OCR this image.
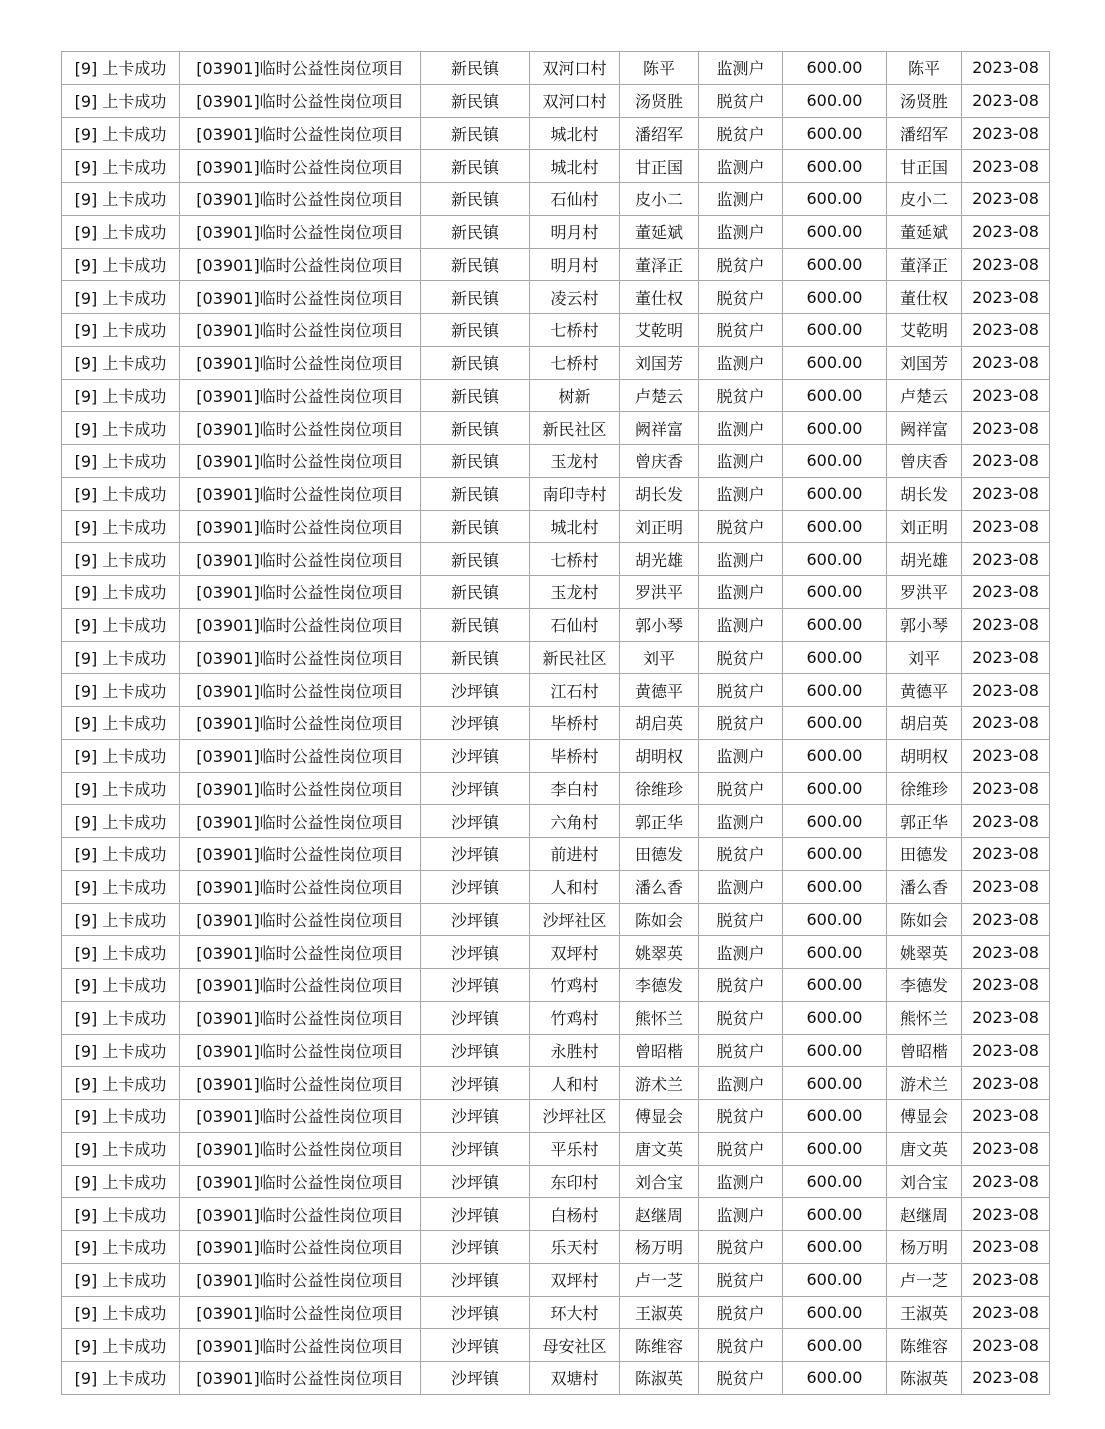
[9] 上卡成功	[03901]临时公益性岗位项目	新民镇	双河口村	陈平	监测户	600.00	陈平	2023-08
[9] 上卡成功	[03901]临时公益性岗位项目	新民镇	双河口村	汤贤胜	脱贫户	600.00	汤贤胜	2023-08
[9] 上卡成功	[03901]临时公益性岗位项目	新民镇	城北村	潘绍军	脱贫户	600.00	潘绍军	2023-08
[9] 上卡成功	[03901]临时公益性岗位项目	新民镇	城北村	甘正国	监测户	600.00	甘正国	2023-08
[9] 上卡成功	[03901]临时公益性岗位项目	新民镇	石仙村	皮小二	监测户	600.00	皮小二	2023-08
[9] 上卡成功	[03901]临时公益性岗位项目	新民镇	明月村	董延斌	监测户	600.00	董延斌	2023-08
[9] 上卡成功	[03901]临时公益性岗位项目	新民镇	明月村	董泽正	脱贫户	600.00	董泽正	2023-08
[9] 上卡成功	[03901]临时公益性岗位项目	新民镇	凌云村	董仕权	脱贫户	600.00	董仕权	2023-08
[9] 上卡成功	[03901]临时公益性岗位项目	新民镇	七桥村	艾乾明	脱贫户	600.00	艾乾明	2023-08
[9] 上卡成功	[03901]临时公益性岗位项目	新民镇	七桥村	刘国芳	监测户	600.00	刘国芳	2023-08
[9] 上卡成功	[03901]临时公益性岗位项目	新民镇	树新	卢楚云	脱贫户	600.00	卢楚云	2023-08
[9] 上卡成功	[03901]临时公益性岗位项目	新民镇	新民社区	阙祥富	监测户	600.00	阙祥富	2023-08
[9] 上卡成功	[03901]临时公益性岗位项目	新民镇	玉龙村	曾庆香	监测户	600.00	曾庆香	2023-08
[9] 上卡成功	[03901]临时公益性岗位项目	新民镇	南印寺村	胡长发	监测户	600.00	胡长发	2023-08
[9] 上卡成功	[03901]临时公益性岗位项目	新民镇	城北村	刘正明	脱贫户	600.00	刘正明	2023-08
[9] 上卡成功	[03901]临时公益性岗位项目	新民镇	七桥村	胡光雄	监测户	600.00	胡光雄	2023-08
[9] 上卡成功	[03901]临时公益性岗位项目	新民镇	玉龙村	罗洪平	监测户	600.00	罗洪平	2023-08
[9] 上卡成功	[03901]临时公益性岗位项目	新民镇	石仙村	郭小琴	监测户	600.00	郭小琴	2023-08
[9] 上卡成功	[03901]临时公益性岗位项目	新民镇	新民社区	刘平	脱贫户	600.00	刘平	2023-08
[9] 上卡成功	[03901]临时公益性岗位项目	沙坪镇	江石村	黄德平	脱贫户	600.00	黄德平	2023-08
[9] 上卡成功	[03901]临时公益性岗位项目	沙坪镇	毕桥村	胡启英	脱贫户	600.00	胡启英	2023-08
[9] 上卡成功	[03901]临时公益性岗位项目	沙坪镇	毕桥村	胡明权	监测户	600.00	胡明权	2023-08
[9] 上卡成功	[03901]临时公益性岗位项目	沙坪镇	李白村	徐维珍	脱贫户	600.00	徐维珍	2023-08
[9] 上卡成功	[03901]临时公益性岗位项目	沙坪镇	六角村	郭正华	监测户	600.00	郭正华	2023-08
[9] 上卡成功	[03901]临时公益性岗位项目	沙坪镇	前进村	田德发	脱贫户	600.00	田德发	2023-08
[9] 上卡成功	[03901]临时公益性岗位项目	沙坪镇	人和村	潘么香	监测户	600.00	潘么香	2023-08
[9] 上卡成功	[03901]临时公益性岗位项目	沙坪镇	沙坪社区	陈如会	脱贫户	600.00	陈如会	2023-08
[9] 上卡成功	[03901]临时公益性岗位项目	沙坪镇	双坪村	姚翠英	监测户	600.00	姚翠英	2023-08
[9] 上卡成功	[03901]临时公益性岗位项目	沙坪镇	竹鸡村	李德发	脱贫户	600.00	李德发	2023-08
[9] 上卡成功	[03901]临时公益性岗位项目	沙坪镇	竹鸡村	熊怀兰	脱贫户	600.00	熊怀兰	2023-08
[9] 上卡成功	[03901]临时公益性岗位项目	沙坪镇	永胜村	曾昭楷	脱贫户	600.00	曾昭楷	2023-08
[9] 上卡成功	[03901]临时公益性岗位项目	沙坪镇	人和村	游术兰	监测户	600.00	游术兰	2023-08
[9] 上卡成功	[03901]临时公益性岗位项目	沙坪镇	沙坪社区	傅显会	脱贫户	600.00	傅显会	2023-08
[9] 上卡成功	[03901]临时公益性岗位项目	沙坪镇	平乐村	唐文英	脱贫户	600.00	唐文英	2023-08
[9] 上卡成功	[03901]临时公益性岗位项目	沙坪镇	东印村	刘合宝	监测户	600.00	刘合宝	2023-08
[9] 上卡成功	[03901]临时公益性岗位项目	沙坪镇	白杨村	赵继周	监测户	600.00	赵继周	2023-08
[9] 上卡成功	[03901]临时公益性岗位项目	沙坪镇	乐天村	杨万明	脱贫户	600.00	杨万明	2023-08
[9] 上卡成功	[03901]临时公益性岗位项目	沙坪镇	双坪村	卢一芝	脱贫户	600.00	卢一芝	2023-08
[9] 上卡成功	[03901]临时公益性岗位项目	沙坪镇	环大村	王淑英	脱贫户	600.00	王淑英	2023-08
[9] 上卡成功	[03901]临时公益性岗位项目	沙坪镇	母安社区	陈维容	脱贫户	600.00	陈维容	2023-08
[9] 上卡成功	[03901]临时公益性岗位项目	沙坪镇	双塘村	陈淑英	脱贫户	600.00	陈淑英	2023-08
